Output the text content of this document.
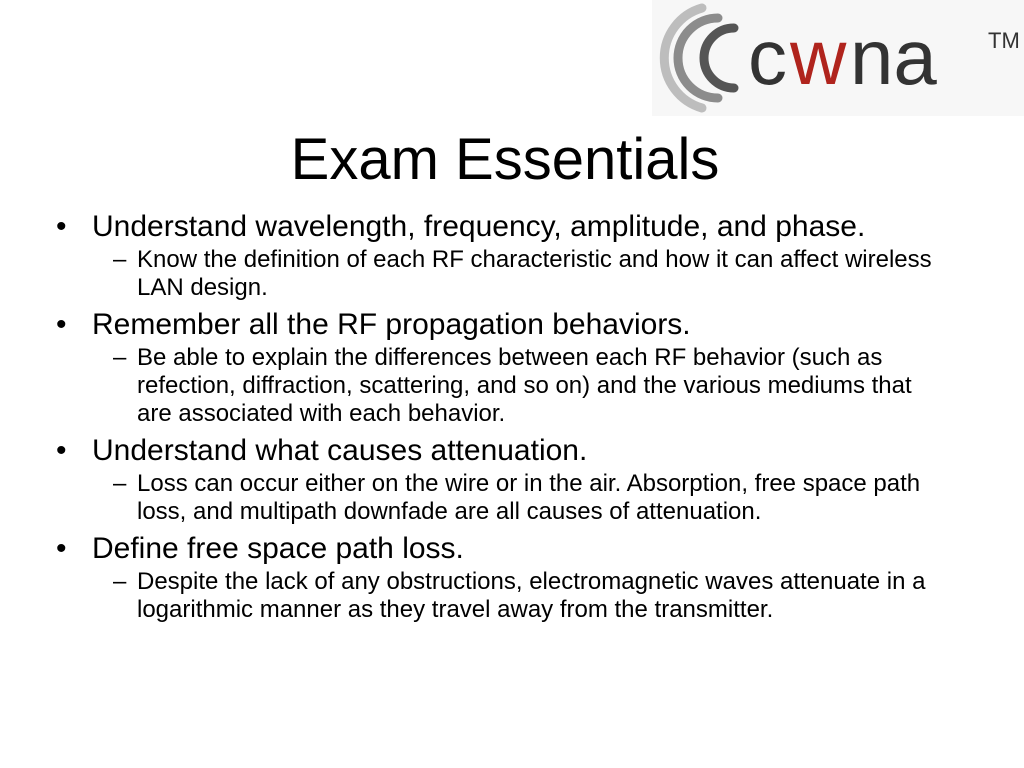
c w na TM
Exam Essentials
• Understand wavelength, frequency, amplitude, and phase.
– Know the definition of each RF characteristic and how it can affect wireless LAN design.
• Remember all the RF propagation behaviors.
– Be able to explain the differences between each RF behavior (such as refection, diffraction, scattering, and so on) and the various mediums that are associated with each behavior.
• Understand what causes attenuation.
– Loss can occur either on the wire or in the air. Absorption, free space path loss, and multipath downfade are all causes of attenuation.
• Define free space path loss.
– Despite the lack of any obstructions, electromagnetic waves attenuate in a logarithmic manner as they travel away from the transmitter.
